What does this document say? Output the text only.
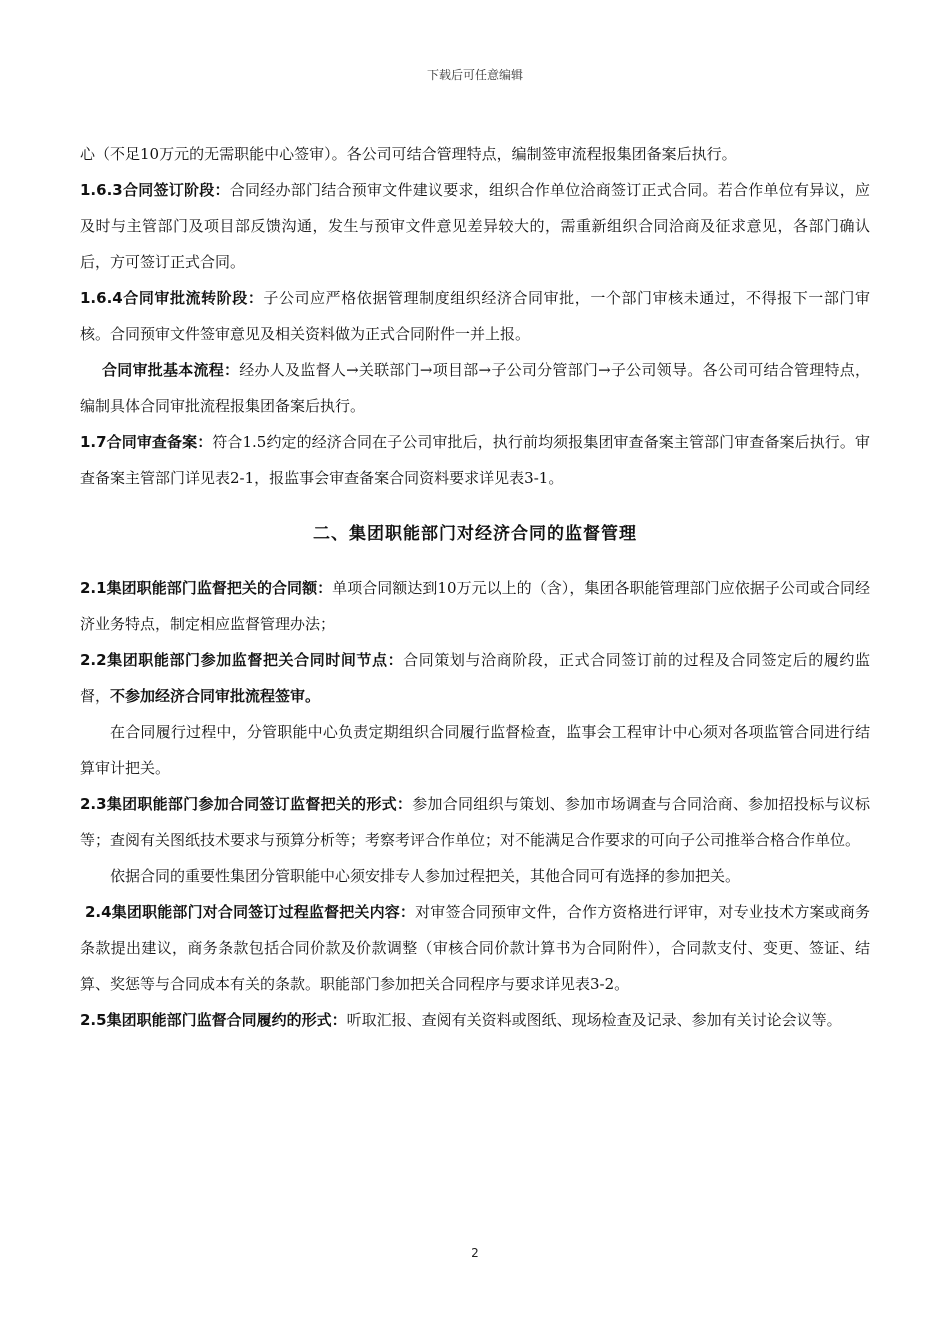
下载后可任意编辑

心（不足10万元的无需职能中心签审）。各公司可结合管理特点，编制签审流程报集团备案后执行。

1.6.3合同签订阶段：合同经办部门结合预审文件建议要求，组织合作单位洽商签订正式合同。若合作单位有异议，应及时与主管部门及项目部反馈沟通，发生与预审文件意见差异较大的，需重新组织合同洽商及征求意见，各部门确认后，方可签订正式合同。

1.6.4合同审批流转阶段：子公司应严格依据管理制度组织经济合同审批，一个部门审核未通过，不得报下一部门审核。合同预审文件签审意见及相关资料做为正式合同附件一并上报。

合同审批基本流程：经办人及监督人→关联部门→项目部→子公司分管部门→子公司领导。各公司可结合管理特点，编制具体合同审批流程报集团备案后执行。

1.7合同审查备案：符合1.5约定的经济合同在子公司审批后，执行前均须报集团审查备案主管部门审查备案后执行。审查备案主管部门详见表2-1，报监事会审查备案合同资料要求详见表3-1。

二、集团职能部门对经济合同的监督管理

2.1集团职能部门监督把关的合同额：单项合同额达到10万元以上的（含），集团各职能管理部门应依据子公司或合同经济业务特点，制定相应监督管理办法；

2.2集团职能部门参加监督把关合同时间节点：合同策划与洽商阶段，正式合同签订前的过程及合同签定后的履约监督，不参加经济合同审批流程签审。

在合同履行过程中，分管职能中心负责定期组织合同履行监督检查，监事会工程审计中心须对各项监管合同进行结算审计把关。

2.3集团职能部门参加合同签订监督把关的形式：参加合同组织与策划、参加市场调查与合同洽商、参加招投标与议标等；查阅有关图纸技术要求与预算分析等；考察考评合作单位；对不能满足合作要求的可向子公司推举合格合作单位。

依据合同的重要性集团分管职能中心须安排专人参加过程把关，其他合同可有选择的参加把关。

2.4集团职能部门对合同签订过程监督把关内容：对审签合同预审文件，合作方资格进行评审，对专业技术方案或商务条款提出建议，商务条款包括合同价款及价款调整（审核合同价款计算书为合同附件），合同款支付、变更、签证、结算、奖惩等与合同成本有关的条款。职能部门参加把关合同程序与要求详见表3-2。

2.5集团职能部门监督合同履约的形式：听取汇报、查阅有关资料或图纸、现场检查及记录、参加有关讨论会议等。

2
